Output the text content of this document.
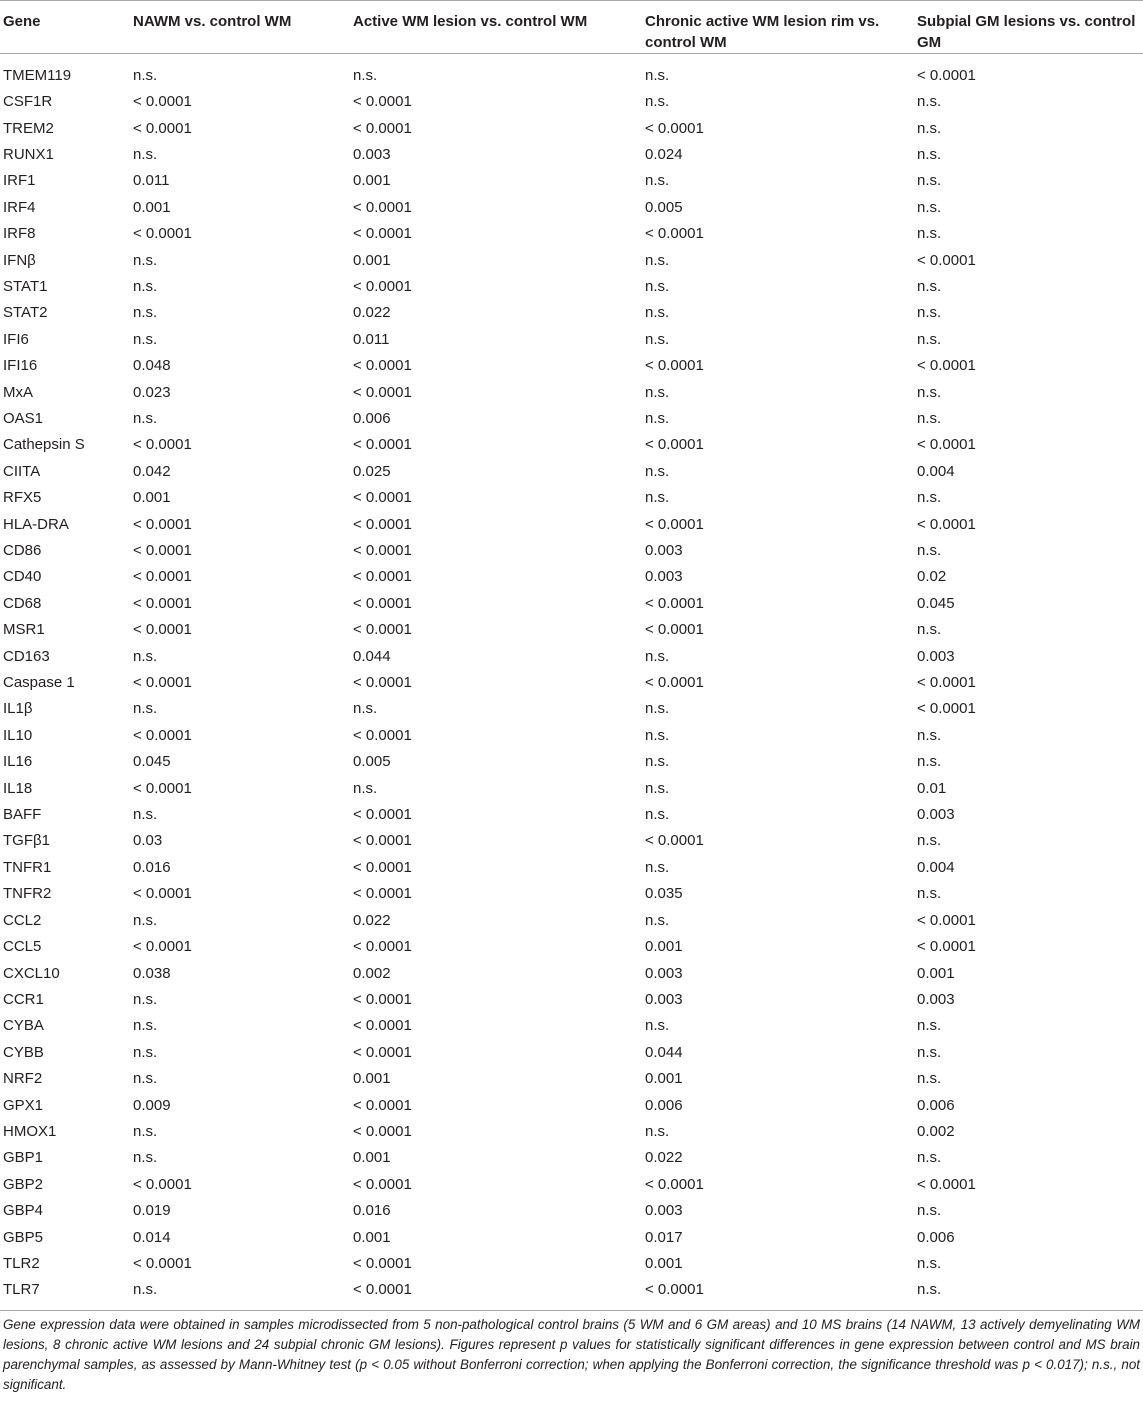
Gene	NAWM vs. control WM	Active WM lesion vs. control WM	Chronic active WM lesion rim vs. control WM	Subpial GM lesions vs. control GM
TMEM119	n.s.	n.s.	n.s.	< 0.0001
CSF1R	< 0.0001	< 0.0001	n.s.	n.s.
TREM2	< 0.0001	< 0.0001	< 0.0001	n.s.
RUNX1	n.s.	0.003	0.024	n.s.
IRF1	0.011	0.001	n.s.	n.s.
IRF4	0.001	< 0.0001	0.005	n.s.
IRF8	< 0.0001	< 0.0001	< 0.0001	n.s.
IFNβ	n.s.	0.001	n.s.	< 0.0001
STAT1	n.s.	< 0.0001	n.s.	n.s.
STAT2	n.s.	0.022	n.s.	n.s.
IFI6	n.s.	0.011	n.s.	n.s.
IFI16	0.048	< 0.0001	< 0.0001	< 0.0001
MxA	0.023	< 0.0001	n.s.	n.s.
OAS1	n.s.	0.006	n.s.	n.s.
Cathepsin S	< 0.0001	< 0.0001	< 0.0001	< 0.0001
CIITA	0.042	0.025	n.s.	0.004
RFX5	0.001	< 0.0001	n.s.	n.s.
HLA-DRA	< 0.0001	< 0.0001	< 0.0001	< 0.0001
CD86	< 0.0001	< 0.0001	0.003	n.s.
CD40	< 0.0001	< 0.0001	0.003	0.02
CD68	< 0.0001	< 0.0001	< 0.0001	0.045
MSR1	< 0.0001	< 0.0001	< 0.0001	n.s.
CD163	n.s.	0.044	n.s.	0.003
Caspase 1	< 0.0001	< 0.0001	< 0.0001	< 0.0001
IL1β	n.s.	n.s.	n.s.	< 0.0001
IL10	< 0.0001	< 0.0001	n.s.	n.s.
IL16	0.045	0.005	n.s.	n.s.
IL18	< 0.0001	n.s.	n.s.	0.01
BAFF	n.s.	< 0.0001	n.s.	0.003
TGFβ1	0.03	< 0.0001	< 0.0001	n.s.
TNFR1	0.016	< 0.0001	n.s.	0.004
TNFR2	< 0.0001	< 0.0001	0.035	n.s.
CCL2	n.s.	0.022	n.s.	< 0.0001
CCL5	< 0.0001	< 0.0001	0.001	< 0.0001
CXCL10	0.038	0.002	0.003	0.001
CCR1	n.s.	< 0.0001	0.003	0.003
CYBA	n.s.	< 0.0001	n.s.	n.s.
CYBB	n.s.	< 0.0001	0.044	n.s.
NRF2	n.s.	0.001	0.001	n.s.
GPX1	0.009	< 0.0001	0.006	0.006
HMOX1	n.s.	< 0.0001	n.s.	0.002
GBP1	n.s.	0.001	0.022	n.s.
GBP2	< 0.0001	< 0.0001	< 0.0001	< 0.0001
GBP4	0.019	0.016	0.003	n.s.
GBP5	0.014	0.001	0.017	0.006
TLR2	< 0.0001	< 0.0001	0.001	n.s.
TLR7	n.s.	< 0.0001	< 0.0001	n.s.
Gene expression data were obtained in samples microdissected from 5 non-pathological control brains (5 WM and 6 GM areas) and 10 MS brains (14 NAWM, 13 actively demyelinating WM lesions, 8 chronic active WM lesions and 24 subpial chronic GM lesions). Figures represent p values for statistically significant differences in gene expression between control and MS brain parenchymal samples, as assessed by Mann-Whitney test (p < 0.05 without Bonferroni correction; when applying the Bonferroni correction, the significance threshold was p < 0.017); n.s., not significant.
